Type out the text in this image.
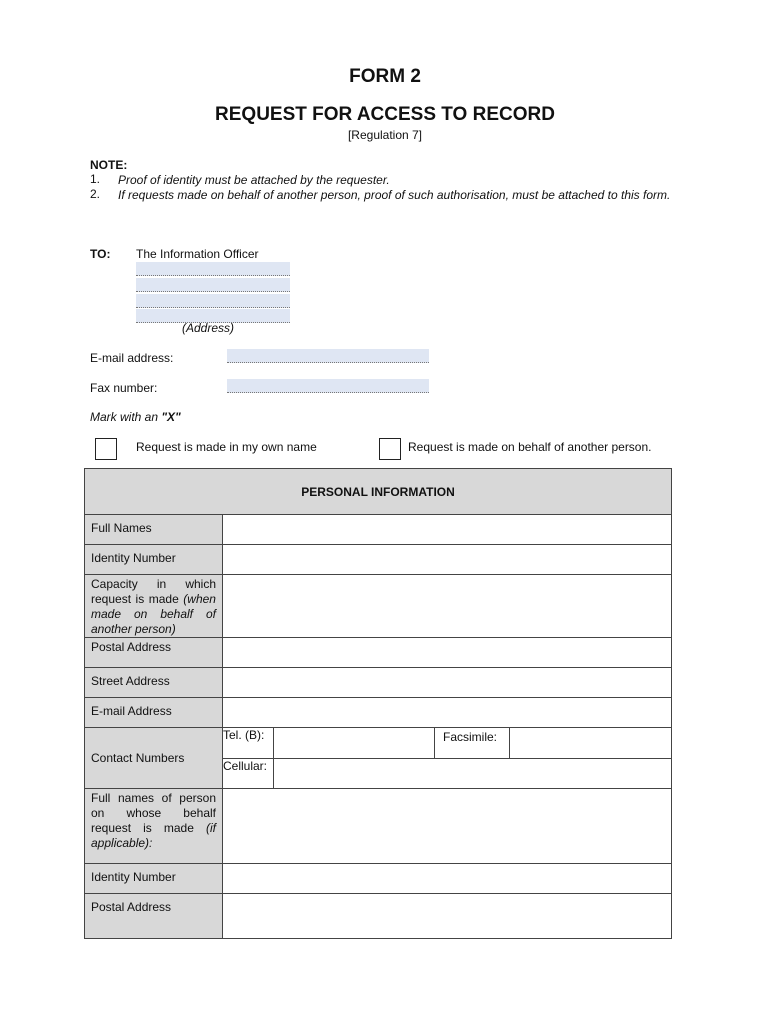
FORM 2
REQUEST FOR ACCESS TO RECORD
[Regulation 7]
NOTE:
1.	Proof of identity must be attached by the requester.
2.	If requests made on behalf of another person, proof of such authorisation, must be attached to this form.
TO: The Information Officer
(Address)
E-mail address:
Fax number:
Mark with an "X"
Request is made in my own name	Request is made on behalf of another person.
PERSONAL INFORMATION
Full Names	
Identity Number	
Capacity in which request is made (when made on behalf of another person)	
Postal Address	
Street Address	
E-mail Address	
Contact Numbers	
Tel. (B):		Facsimile:	
Cellular:	

Full names of person on whose behalf request is made (if applicable):	
Identity Number	
Postal Address	
